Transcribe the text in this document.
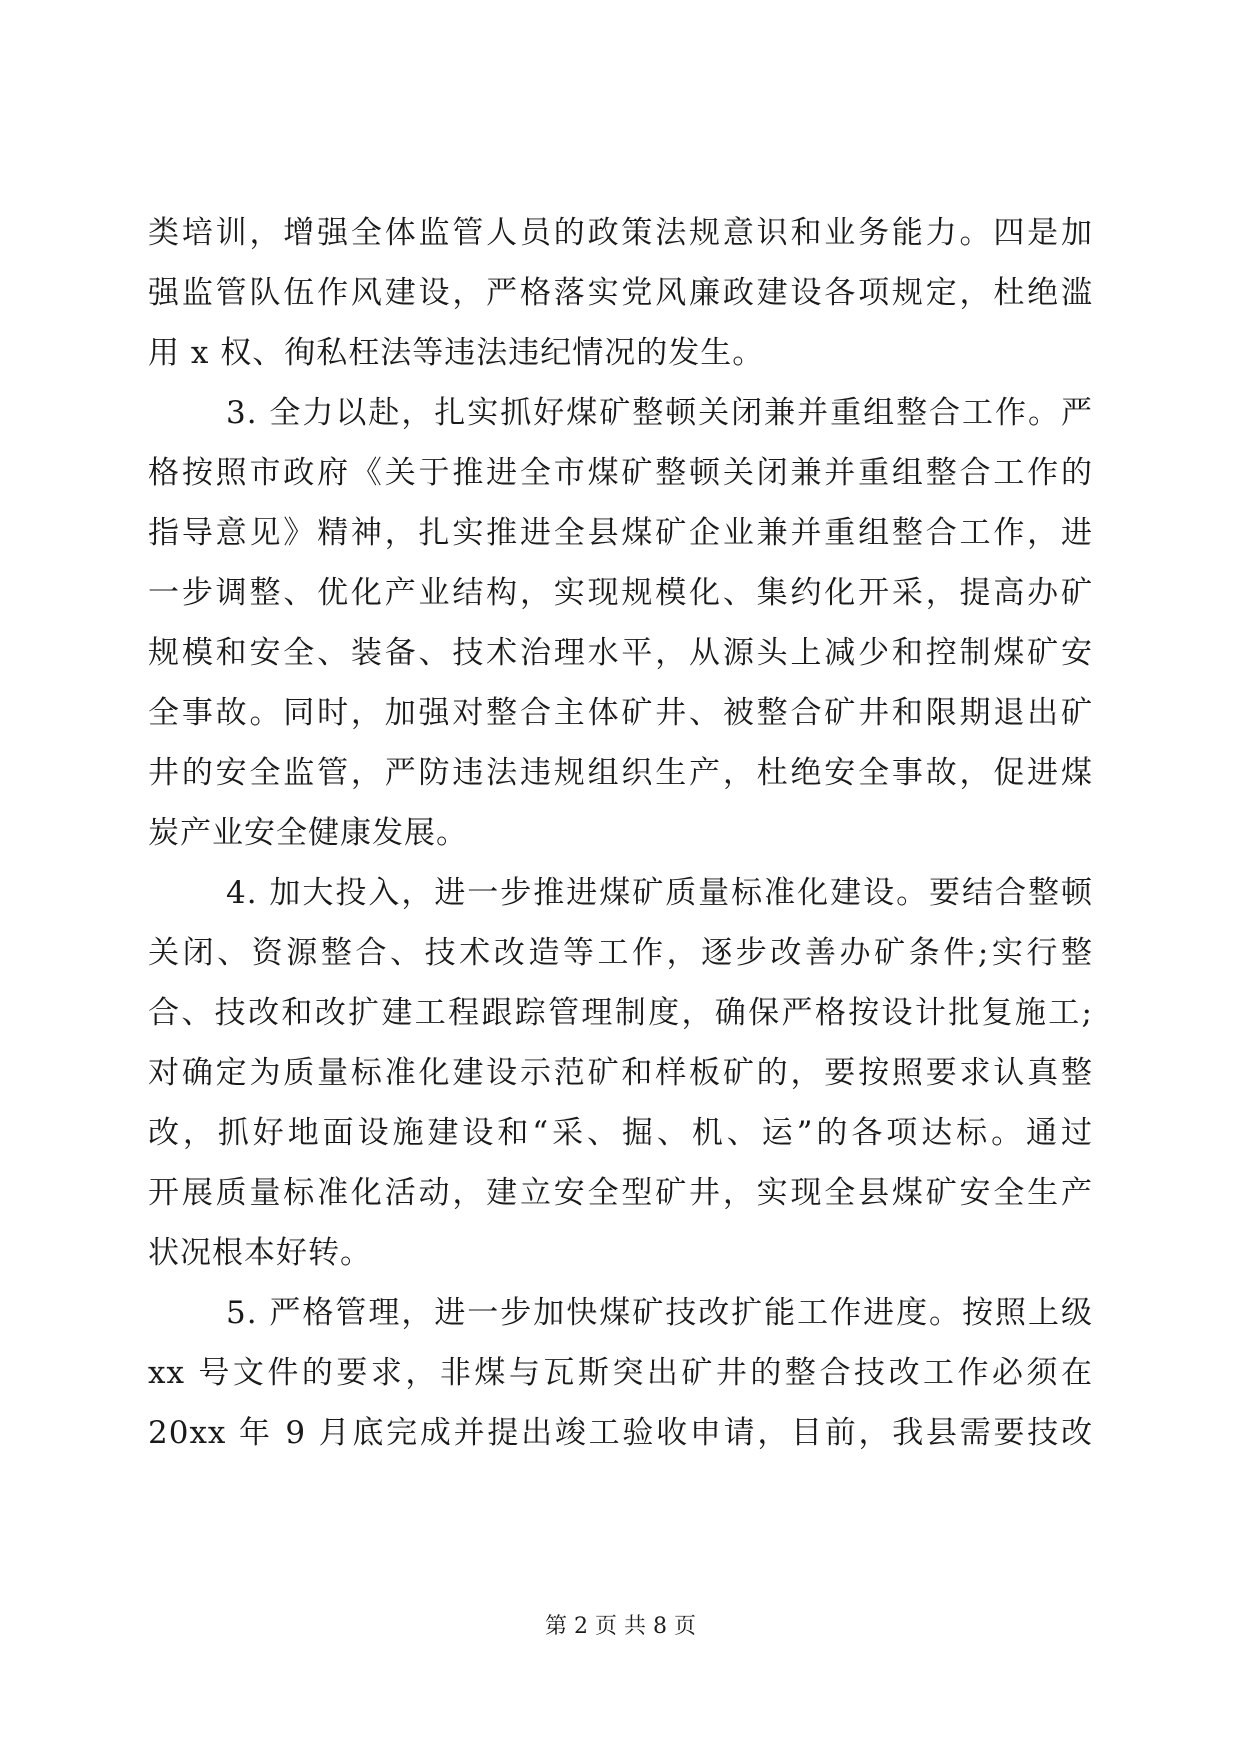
类培训，增强全体监管人员的政策法规意识和业务能力。四是加
强监管队伍作风建设，严格落实党风廉政建设各项规定，杜绝滥
用 x 权、徇私枉法等违法违纪情况的发生。
3. 全力以赴，扎实抓好煤矿整顿关闭兼并重组整合工作。严
格按照市政府《关于推进全市煤矿整顿关闭兼并重组整合工作的
指导意见》精神，扎实推进全县煤矿企业兼并重组整合工作，进
一步调整、优化产业结构，实现规模化、集约化开采，提高办矿
规模和安全、装备、技术治理水平，从源头上减少和控制煤矿安
全事故。同时，加强对整合主体矿井、被整合矿井和限期退出矿
井的安全监管，严防违法违规组织生产，杜绝安全事故，促进煤
炭产业安全健康发展。
4. 加大投入，进一步推进煤矿质量标准化建设。要结合整顿
关闭、资源整合、技术改造等工作，逐步改善办矿条件;实行整
合、技改和改扩建工程跟踪管理制度，确保严格按设计批复施工;
对确定为质量标准化建设示范矿和样板矿的，要按照要求认真整
改，抓好地面设施建设和“采、掘、机、运”的各项达标。通过
开展质量标准化活动，建立安全型矿井，实现全县煤矿安全生产
状况根本好转。
5. 严格管理，进一步加快煤矿技改扩能工作进度。按照上级
xx 号文件的要求，非煤与瓦斯突出矿井的整合技改工作必须在
20xx 年 9 月底完成并提出竣工验收申请，目前，我县需要技改
第 2 页 共 8 页
